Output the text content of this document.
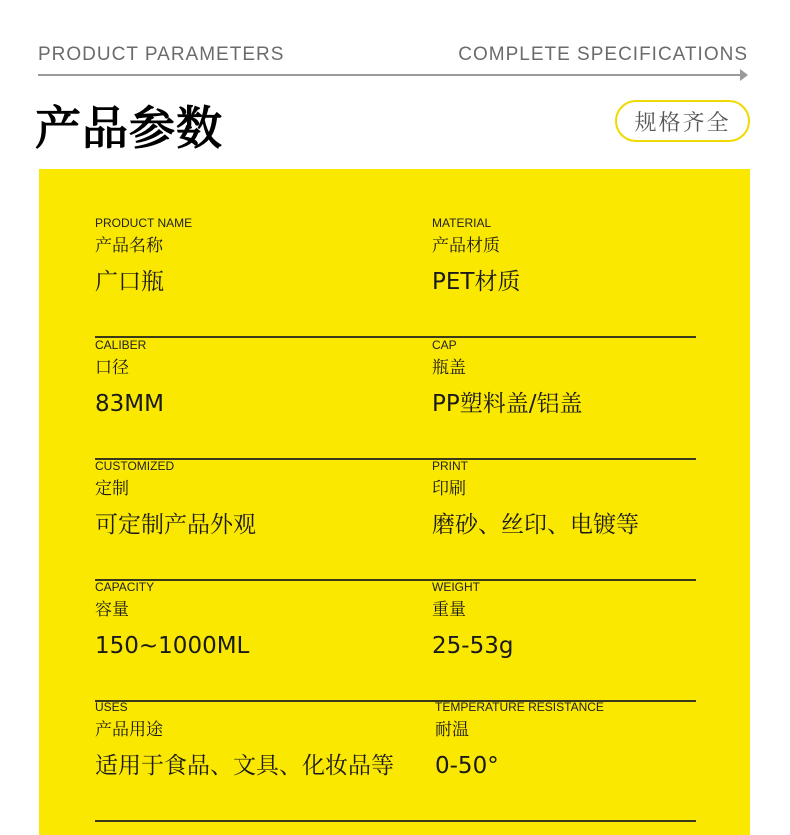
PRODUCT PARAMETERS	COMPLETE SPECIFICATIONS
产品参数	规格齐全
PRODUCT NAME
产品名称
广口瓶
MATERIAL
产品材质
PET材质
CALIBER
口径
83MM
CAP
瓶盖
PP塑料盖/铝盖
CUSTOMIZED
定制
可定制产品外观
PRINT
印刷
磨砂、丝印、电镀等
CAPACITY
容量
150~1000ML
WEIGHT
重量
25-53g
USES
产品用途
适用于食品、文具、化妆品等
TEMPERATURE RESISTANCE
耐温
0-50°
